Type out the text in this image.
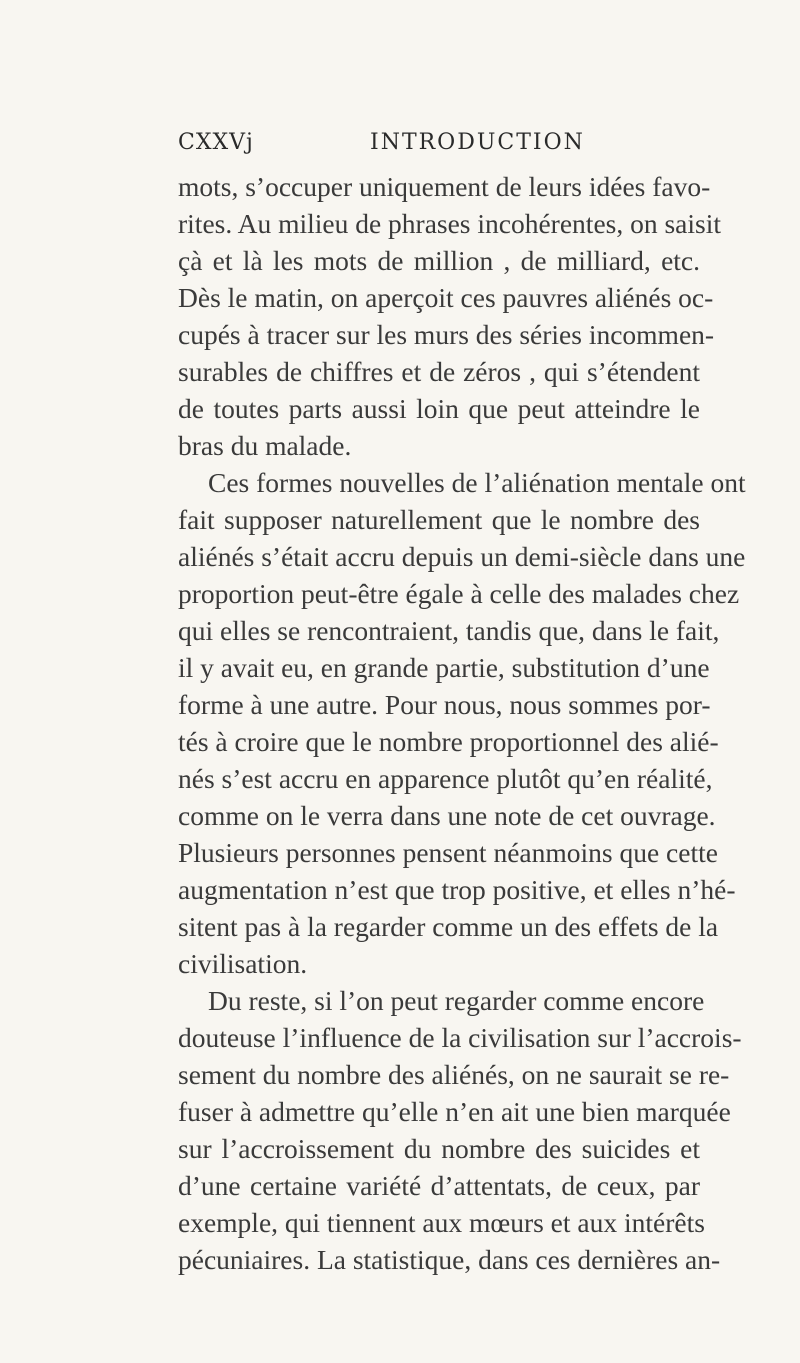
CXXVj	INTRODUCTION
mots, s’occuper uniquement de leurs idées favo-
rites. Au milieu de phrases incohérentes, on saisit
çà et là les mots de million , de milliard, etc.
Dès le matin, on aperçoit ces pauvres aliénés oc-
cupés à tracer sur les murs des séries incommen-
surables de chiffres et de zéros , qui s’étendent
de toutes parts aussi loin que peut atteindre le
bras du malade.
Ces formes nouvelles de l’aliénation mentale ont
fait supposer naturellement que le nombre des
aliénés s’était accru depuis un demi-siècle dans une
proportion peut-être égale à celle des malades chez
qui elles se rencontraient, tandis que, dans le fait,
il y avait eu, en grande partie, substitution d’une
forme à une autre. Pour nous, nous sommes por-
tés à croire que le nombre proportionnel des alié-
nés s’est accru en apparence plutôt qu’en réalité,
comme on le verra dans une note de cet ouvrage.
Plusieurs personnes pensent néanmoins que cette
augmentation n’est que trop positive, et elles n’hé-
sitent pas à la regarder comme un des effets de la
civilisation.
Du reste, si l’on peut regarder comme encore
douteuse l’influence de la civilisation sur l’accrois-
sement du nombre des aliénés, on ne saurait se re-
fuser à admettre qu’elle n’en ait une bien marquée
sur l’accroissement du nombre des suicides et
d’une certaine variété d’attentats, de ceux, par
exemple, qui tiennent aux mœurs et aux intérêts
pécuniaires. La statistique, dans ces dernières an-
